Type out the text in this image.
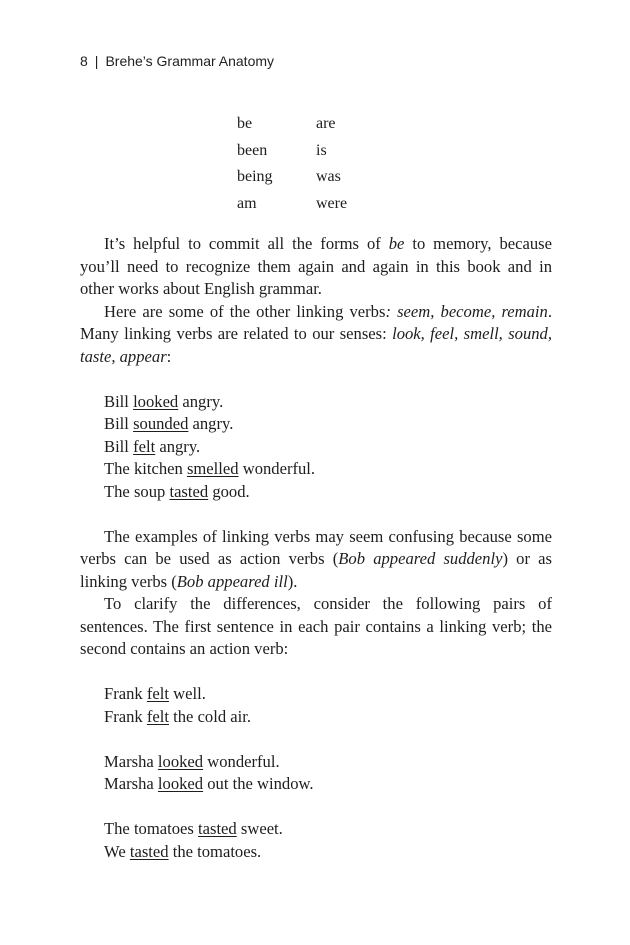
8 | Brehe’s Grammar Anatomy
be	are
been	is
being	was
am	were

It’s helpful to commit all the forms of be to memory, because you’ll need to recognize them again and again in this book and in other works about English grammar.

Here are some of the other linking verbs: seem, become, remain. Many linking verbs are related to our senses: look, feel, smell, sound, taste, appear:

Bill looked angry.
Bill sounded angry.
Bill felt angry.
The kitchen smelled wonderful.
The soup tasted good.

The examples of linking verbs may seem confusing because some verbs can be used as action verbs (Bob appeared suddenly) or as linking verbs (Bob appeared ill).

To clarify the differences, consider the following pairs of sentences. The first sentence in each pair contains a linking verb; the second contains an action verb:

Frank felt well.
Frank felt the cold air.
Marsha looked wonderful.
Marsha looked out the window.
The tomatoes tasted sweet.
We tasted the tomatoes.
